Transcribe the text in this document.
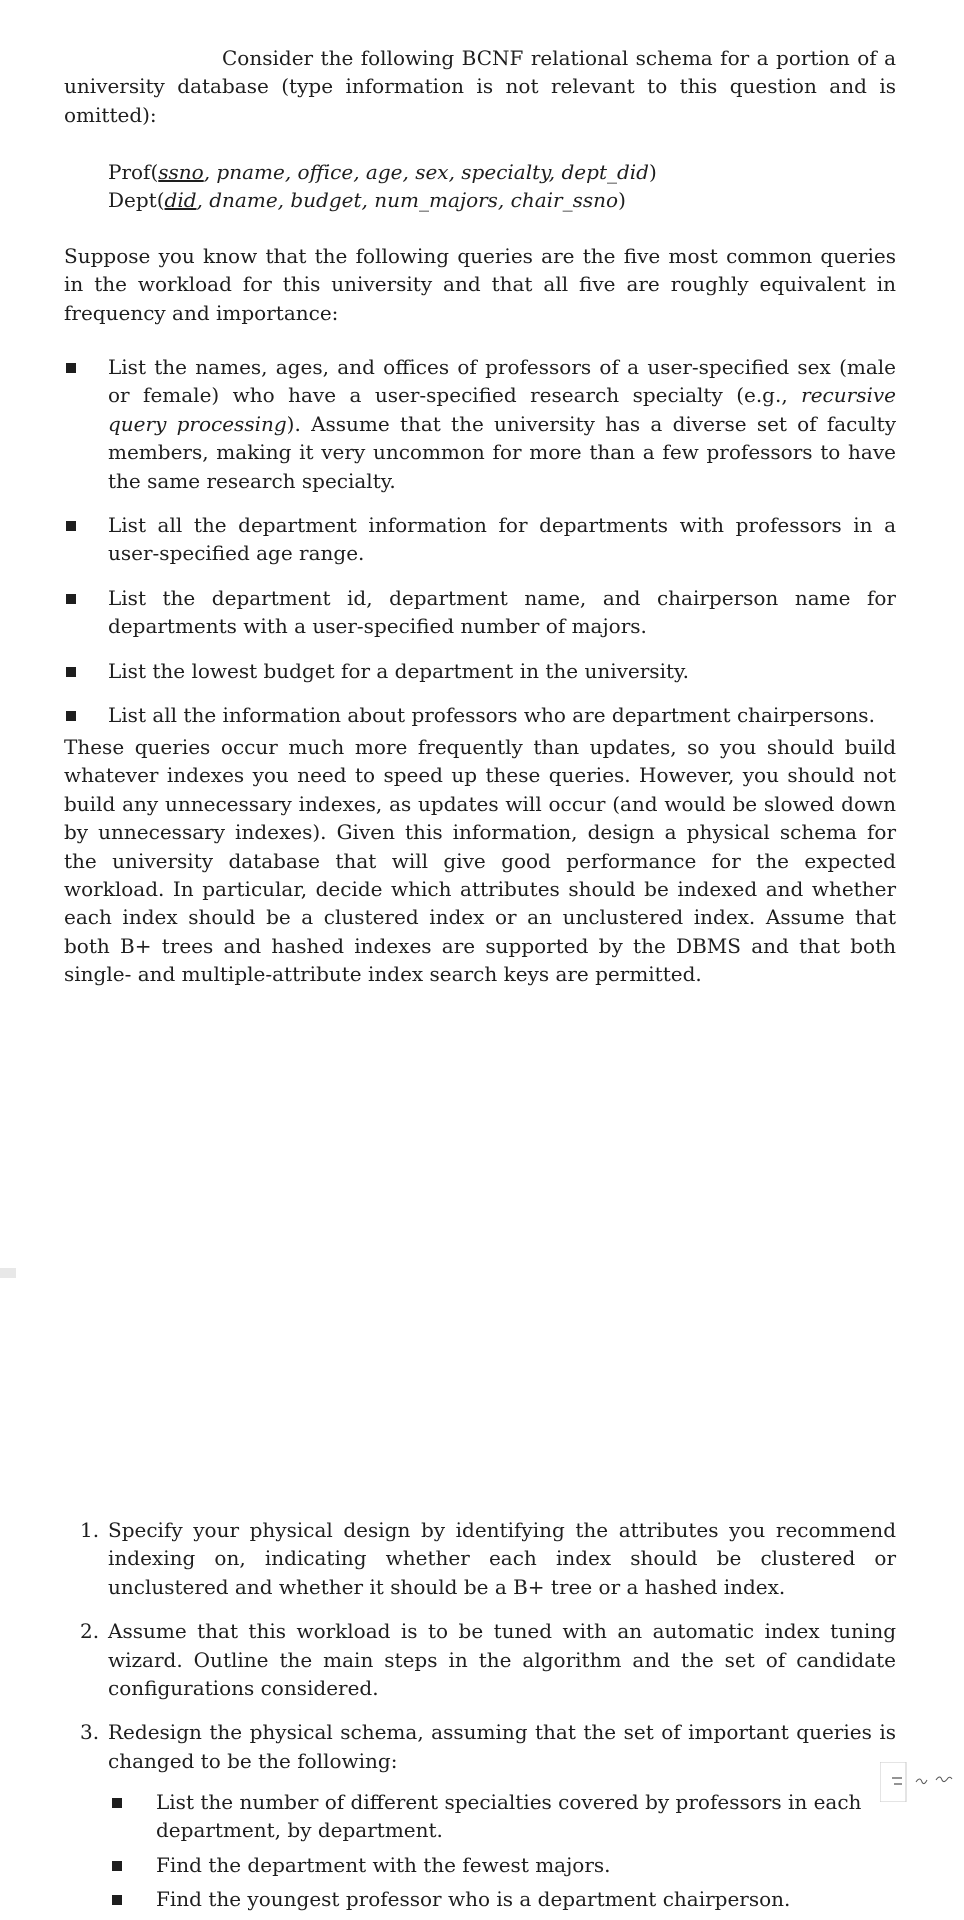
Consider the following BCNF relational schema for a portion of a university database (type information is not relevant to this question and is omitted):

Prof(ssno, pname, office, age, sex, specialty, dept_did)
Dept(did, dname, budget, num_majors, chair_ssno)

Suppose you know that the following queries are the five most common queries in the workload for this university and that all five are roughly equivalent in frequency and importance:

List the names, ages, and offices of professors of a user-specified sex (male or female) who have a user-specified research specialty (e.g., recursive query processing). Assume that the university has a diverse set of faculty members, making it very uncommon for more than a few professors to have the same research specialty.
List all the department information for departments with professors in a user-specified age range.
List the department id, department name, and chairperson name for departments with a user-specified number of majors.
List the lowest budget for a department in the university.
List all the information about professors who are department chairpersons.

These queries occur much more frequently than updates, so you should build whatever indexes you need to speed up these queries. However, you should not build any unnecessary indexes, as updates will occur (and would be slowed down by unnecessary indexes). Given this information, design a physical schema for the university database that will give good performance for the expected workload. In particular, decide which attributes should be indexed and whether each index should be a clustered index or an unclustered index. Assume that both B+ trees and hashed indexes are supported by the DBMS and that both single- and multiple-attribute index search keys are permitted.

1. Specify your physical design by identifying the attributes you recommend indexing on, indicating whether each index should be clustered or unclustered and whether it should be a B+ tree or a hashed index.
2. Assume that this workload is to be tuned with an automatic index tuning wizard. Outline the main steps in the algorithm and the set of candidate configurations considered.
3. Redesign the physical schema, assuming that the set of important queries is changed to be the following:
List the number of different specialties covered by professors in each department, by department.
Find the department with the fewest majors.
Find the youngest professor who is a department chairperson.
